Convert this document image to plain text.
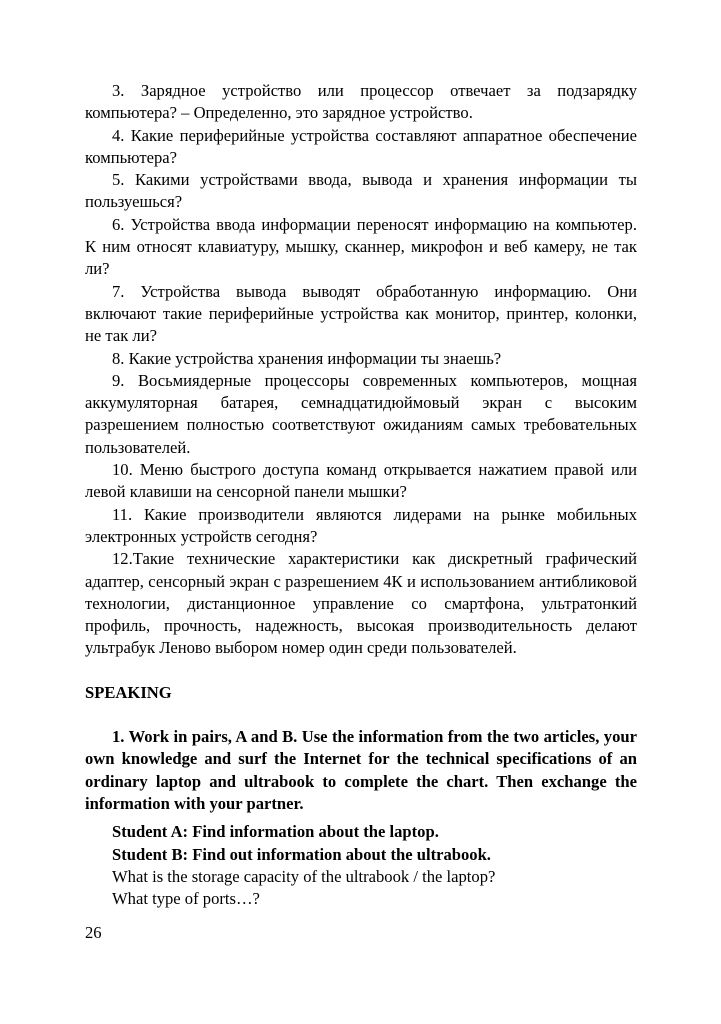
3. Зарядное устройство или процессор отвечает за подзарядку компьютера? – Определенно, это зарядное устройство.

4. Какие периферийные устройства составляют аппаратное обеспечение компьютера?

5. Какими устройствами ввода, вывода и хранения информации ты пользуешься?

6. Устройства ввода информации переносят информацию на компьютер. К ним относят клавиатуру, мышку, сканнер, микрофон и веб камеру, не так ли?

7. Устройства вывода выводят обработанную информацию. Они включают такие периферийные устройства как монитор, принтер, колонки, не так ли?

8. Какие устройства хранения информации ты знаешь?

9. Восьмиядерные процессоры современных компьютеров, мощная аккумуляторная батарея, семнадцатидюймовый экран с высоким разрешением полностью соответствуют ожиданиям самых требовательных пользователей.

10. Меню быстрого доступа команд открывается нажатием правой или левой клавиши на сенсорной панели мышки?

11. Какие производители являются лидерами на рынке мобильных электронных устройств сегодня?

12.Такие технические характеристики как дискретный графический адаптер, сенсорный экран с разрешением 4К и использованием антибликовой технологии, дистанционное управление со смартфона, ультратонкий профиль, прочность, надежность, высокая производительность делают ультрабук Леново выбором номер один среди пользователей.

SPEAKING

1. Work in pairs, A and B. Use the information from the two articles, your own knowledge and surf the Internet for the technical specifications of an ordinary laptop and ultrabook to complete the chart. Then exchange the information with your partner.

Student A: Find information about the laptop.

Student B: Find out information about the ultrabook.

What is the storage capacity of the ultrabook / the laptop?

What type of ports…?

26
